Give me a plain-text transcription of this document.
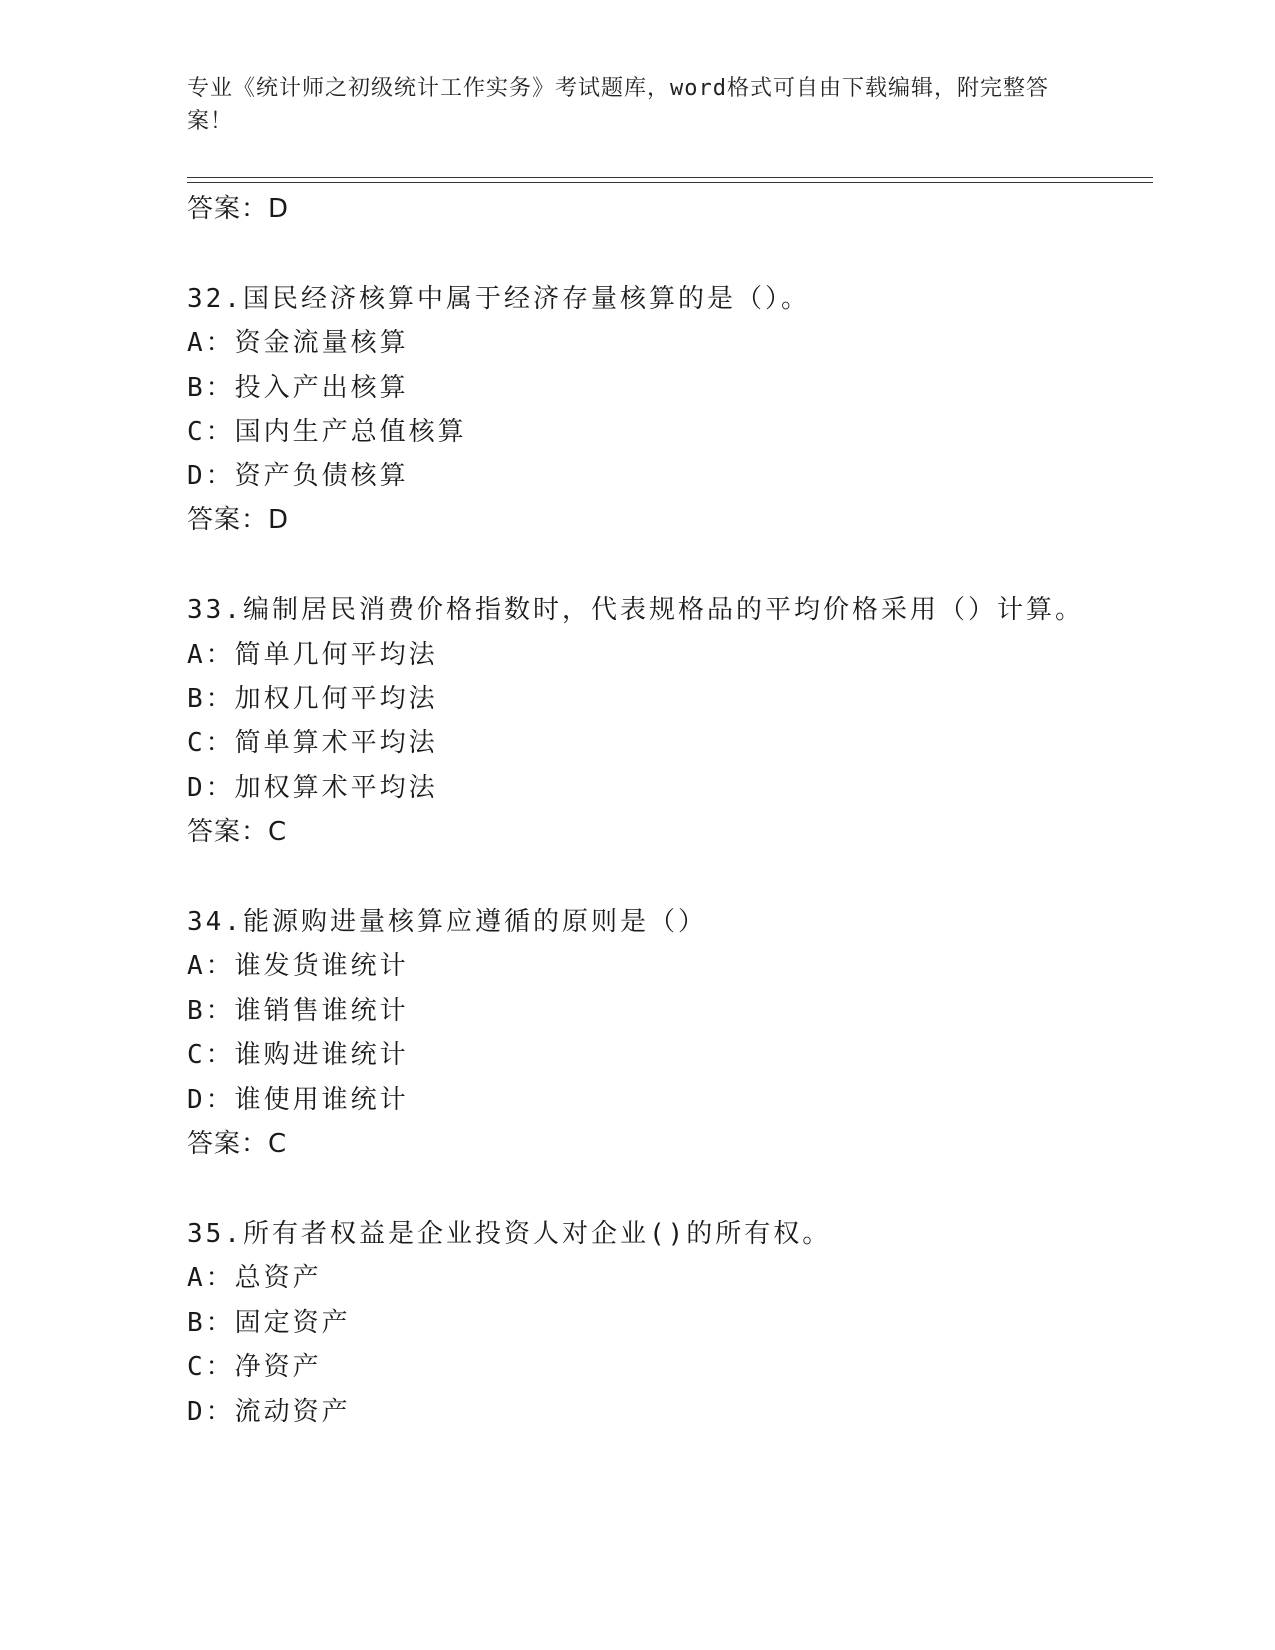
专业《统计师之初级统计工作实务》考试题库，word格式可自由下载编辑，附完整答案！
答案：D
32.国民经济核算中属于经济存量核算的是（）。
A：资金流量核算
B：投入产出核算
C：国内生产总值核算
D：资产负债核算
答案：D
33.编制居民消费价格指数时，代表规格品的平均价格采用（）计算。
A：简单几何平均法
B：加权几何平均法
C：简单算术平均法
D：加权算术平均法
答案：C
34.能源购进量核算应遵循的原则是（）
A：谁发货谁统计
B：谁销售谁统计
C：谁购进谁统计
D：谁使用谁统计
答案：C
35.所有者权益是企业投资人对企业()的所有权。
A：总资产
B：固定资产
C：净资产
D：流动资产
